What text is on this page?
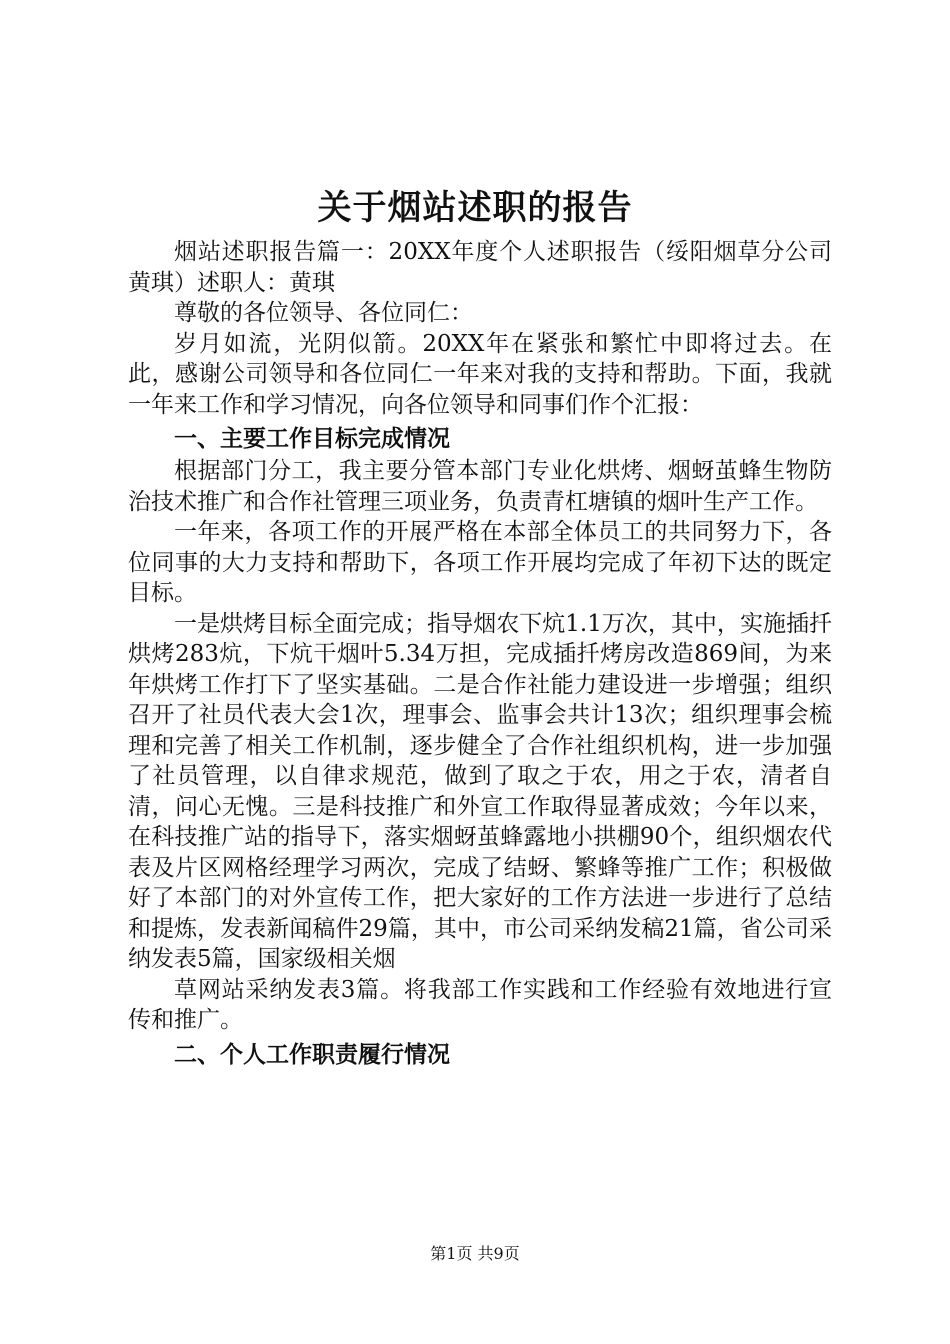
关于烟站述职的报告

烟站述职报告篇一：20XX年度个人述职报告（绥阳烟草分公司黄琪）述职人：黄琪

尊敬的各位领导、各位同仁：

岁月如流，光阴似箭。20XX年在紧张和繁忙中即将过去。在此，感谢公司领导和各位同仁一年来对我的支持和帮助。下面，我就一年来工作和学习情况，向各位领导和同事们作个汇报：

一、主要工作目标完成情况

根据部门分工，我主要分管本部门专业化烘烤、烟蚜茧蜂生物防治技术推广和合作社管理三项业务，负责青杠塘镇的烟叶生产工作。

一年来，各项工作的开展严格在本部全体员工的共同努力下，各位同事的大力支持和帮助下，各项工作开展均完成了年初下达的既定目标。

一是烘烤目标全面完成；指导烟农下炕1.1万次，其中，实施插扦烘烤283炕，下炕干烟叶5.34万担，完成插扦烤房改造869间，为来年烘烤工作打下了坚实基础。二是合作社能力建设进一步增强；组织召开了社员代表大会1次，理事会、监事会共计13次；组织理事会梳理和完善了相关工作机制，逐步健全了合作社组织机构，进一步加强了社员管理，以自律求规范，做到了取之于农，用之于农，清者自清，问心无愧。三是科技推广和外宣工作取得显著成效；今年以来，在科技推广站的指导下，落实烟蚜茧蜂露地小拱棚90个，组织烟农代表及片区网格经理学习两次，完成了结蚜、繁蜂等推广工作；积极做好了本部门的对外宣传工作，把大家好的工作方法进一步进行了总结和提炼，发表新闻稿件29篇，其中，市公司采纳发稿21篇，省公司采纳发表5篇，国家级相关烟

草网站采纳发表3篇。将我部工作实践和工作经验有效地进行宣传和推广。

二、个人工作职责履行情况

第1页 共9页
